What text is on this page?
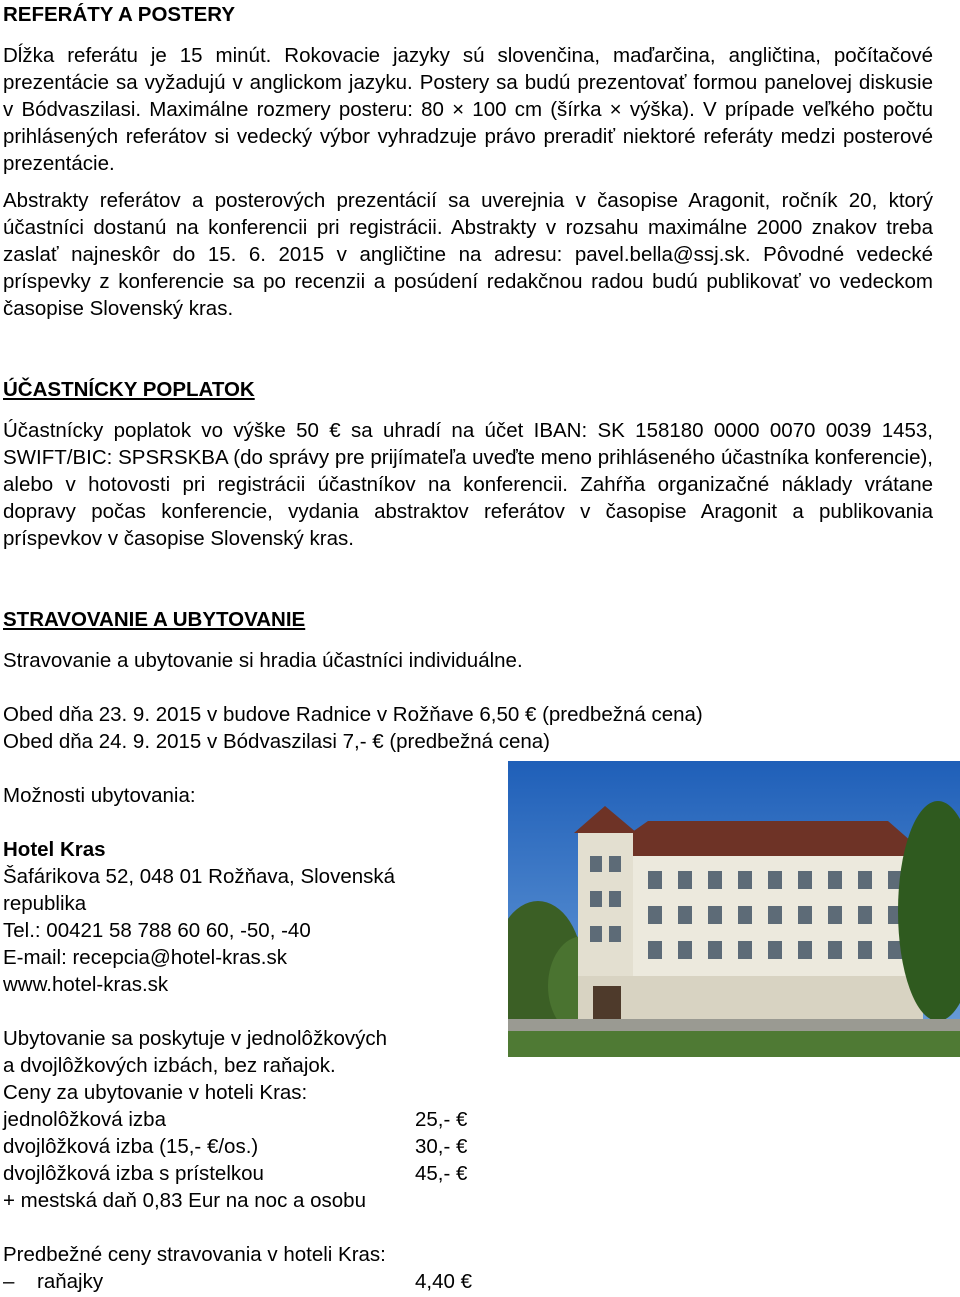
REFERÁTY A POSTERY

Dĺžka referátu je 15 minút. Rokovacie jazyky sú slovenčina, maďarčina, angličtina, počítačové prezentácie sa vyžadujú v anglickom jazyku. Postery sa budú prezentovať formou panelovej diskusie v Bódvaszilasi. Maximálne rozmery posteru: 80 × 100 cm (šírka × výška). V prípade veľkého počtu prihlásených referátov si vedecký výbor vyhradzuje právo preradiť niektoré referáty medzi posterové prezentácie.

Abstrakty referátov a posterových prezentácií sa uverejnia v časopise Aragonit, ročník 20, ktorý účastníci dostanú na konferencii pri registrácii. Abstrakty v rozsahu maximálne 2000 znakov treba zaslať najneskôr do 15. 6. 2015 v angličtine na adresu: pavel.bella@ssj.sk. Pôvodné vedecké príspevky z konferencie sa po recenzii a posúdení redakčnou radou budú publikovať vo vedeckom časopise Slovenský kras.

ÚČASTNÍCKY POPLATOK

Účastnícky poplatok vo výške 50 € sa uhradí na účet IBAN: SK 158180 0000 0070 0039 1453, SWIFT/BIC: SPSRSKBA (do správy pre prijímateľa uveďte meno prihláseného účastníka konferencie), alebo v hotovosti pri registrácii účastníkov na konferencii. Zahŕňa organizačné náklady vrátane dopravy počas konferencie, vydania abstraktov referátov v časopise Aragonit a publikovania príspevkov v časopise Slovenský kras.

STRAVOVANIE A UBYTOVANIE

Stravovanie a ubytovanie si hradia účastníci individuálne.

Obed dňa 23. 9. 2015 v budove Radnice v Rožňave 6,50 € (predbežná cena)

Obed dňa 24. 9. 2015 v Bódvaszilasi 7,- € (predbežná cena)

Možnosti ubytovania:

Hotel Kras

Šafárikova 52, 048 01 Rožňava, Slovenská

republika

Tel.: 00421 58 788 60 60, -50, -40

E-mail: recepcia@hotel-kras.sk

www.hotel-kras.sk

Ubytovanie sa poskytuje v jednolôžkových

a dvojlôžkových izbách, bez raňajok.

Ceny za ubytovanie v hoteli Kras:

jednolôžková izba	25,- €
dvojlôžková izba (15,- €/os.)	30,- €
dvojlôžková izba s prístelkou	45,- €

+ mestská daň 0,83 Eur na noc a osobu

Predbežné ceny stravovania v hoteli Kras:

–	raňajky	4,40 €
